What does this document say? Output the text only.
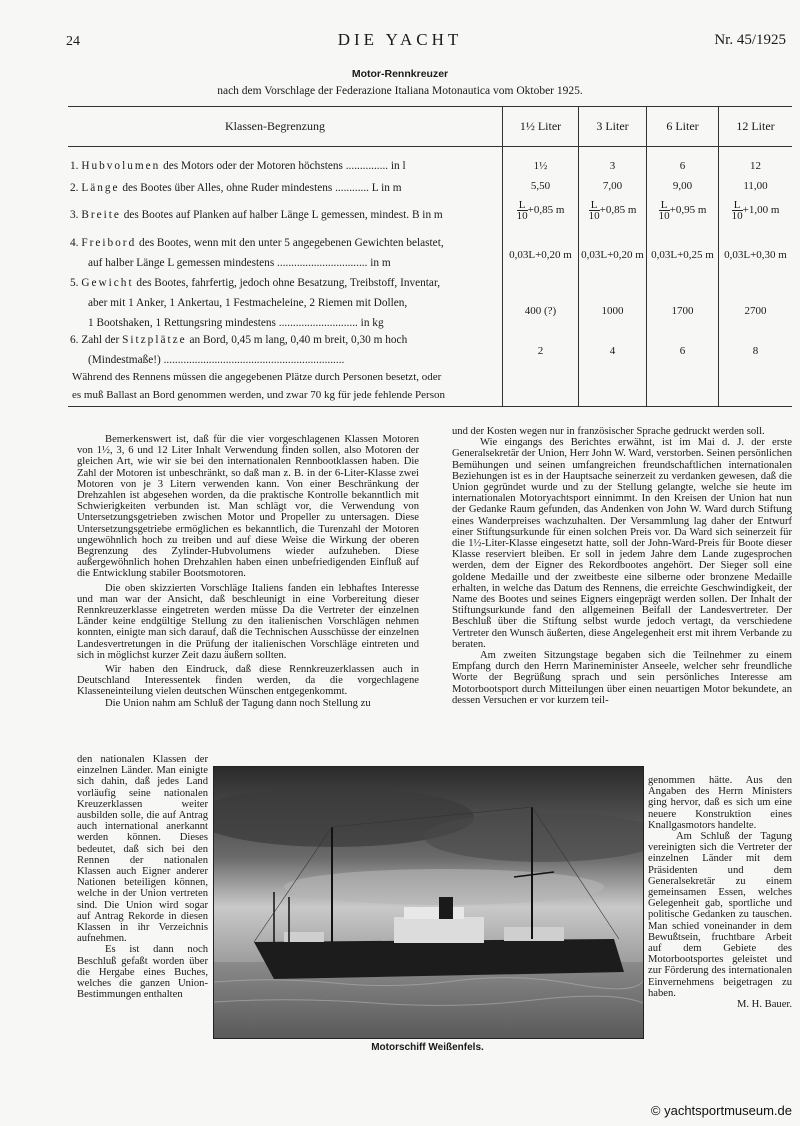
24	DIE YACHT	Nr. 45/1925
Motor-Rennkreuzer
nach dem Vorschlage der Federazione Italiana Motonautica vom Oktober 1925.
Klassen-Begrenzung	1½ Liter	3 Liter	6 Liter	12 Liter
1. Hubvolumen des Motors oder der Motoren höchstens ............... in l	1½	3	6	12
2. Länge des Bootes über Alles, ohne Ruder mindestens ............ L in m	5,50	7,00	9,00	11,00
3. Breite des Bootes auf Planken auf halber Länge L gemessen, mindest. B in m	$\frac{L}{10} +0,85$ m	$\frac{L}{10} +0,85$ m	$\frac{L}{10} +0,95$ m	$\frac{L}{10} +1,00$ m
4. Freibord des Bootes, wenn mit den unter 5 angegebenen Gewichten belastet,
auf halber Länge L gemessen mindestens ................................ in m
0,03L+0,20 m 0,03L+0,20 m 0,03L+0,25 m 0,03L+0,30 m
5. Gewicht des Bootes, fahrfertig, jedoch ohne Besatzung, Treibstoff, Inventar,
aber mit 1 Anker, 1 Ankertau, 1 Festmacheleine, 2 Riemen mit Dollen,
1 Bootshaken, 1 Rettungsring mindestens ............................ in kg
400 (?)	1000	1700	2700
6. Zahl der Sitzplätze an Bord, 0,45 m lang, 0,40 m breit, 0,30 m hoch
(Mindestmaße!) ................................................................
2	4	6	8
Während des Rennens müssen die angegebenen Plätze durch Personen besetzt, oder
es muß Ballast an Bord genommen werden, und zwar 70 kg für jede fehlende Person

Bemerkenswert ist, daß für die vier vorgeschlagenen Klassen Motoren von 1½, 3, 6 und 12 Liter Inhalt Verwendung finden sollen, also Motoren der gleichen Art, wie wir sie bei den internationalen Rennbootklassen haben. Die Zahl der Motoren ist unbeschränkt, so daß man z. B. in der 6-Liter-Klasse zwei Motoren von je 3 Litern verwenden kann. Von einer Beschränkung der Drehzahlen ist abgesehen worden, da die praktische Kontrolle bekanntlich mit Schwierigkeiten verbunden ist. Man schlägt vor, die Verwendung von Untersetzungsgetrieben zwischen Motor und Propeller zu untersagen. Diese Untersetzungsgetriebe ermöglichen es bekanntlich, die Turenzahl der Motoren ungewöhnlich hoch zu treiben und auf diese Weise die Wirkung der oberen Begrenzung des Zylinder-Hubvolumens wieder aufzuheben. Diese außergewöhnlich hohen Drehzahlen haben einen unbefriedigenden Einfluß auf die Entwicklung stabiler Bootsmotoren.

Die oben skizzierten Vorschläge Italiens fanden ein lebhaftes Interesse und man war der Ansicht, daß beschleunigt in eine Vorbereitung dieser Rennkreuzerklasse eingetreten werden müsse Da die Vertreter der einzelnen Länder keine endgültige Stellung zu den italienischen Vorschlägen nehmen konnten, einigte man sich darauf, daß die Technischen Ausschüsse der einzelnen Landesvertretungen in die Prüfung der italienischen Vorschläge eintreten und sich in möglichst kurzer Zeit dazu äußern sollten.

Wir haben den Eindruck, daß diese Rennkreuzerklassen auch in Deutschland Interessentek finden werden, da die vorgechlagene Klasseneinteilung vielen deutschen Wünschen entgegenkommt.

Die Union nahm am Schluß der Tagung dann noch Stellung zu

den nationalen Klassen der einzelnen Länder. Man einigte sich dahin, daß jedes Land vorläufig seine nationalen Kreuzerklassen weiter ausbilden solle, die auf Antrag auch international anerkannt werden können. Dieses bedeutet, daß sich bei den Rennen der nationalen Klassen auch Eigner anderer Nationen beteiligen können, welche in der Union vertreten sind. Die Union wird sogar auf Antrag Rekorde in diesen Klassen in ihr Verzeichnis aufnehmen.

Es ist dann noch Beschluß gefaßt worden über die Hergabe eines Buches, welches die ganzen Union-Bestimmungen enthalten

und der Kosten wegen nur in französischer Sprache gedruckt werden soll.

Wie eingangs des Berichtes erwähnt, ist im Mai d. J. der erste Generalsekretär der Union, Herr John W. Ward, verstorben. Seinen persönlichen Bemühungen und seinen umfangreichen freundschaftlichen internationalen Beziehungen ist es in der Hauptsache seinerzeit zu verdanken gewesen, daß die Union gegründet wurde und zu der Stellung gelangte, welche sie heute im internationalen Motoryachtsport einnimmt. In den Kreisen der Union hat nun der Gedanke Raum gefunden, das Andenken von John W. Ward durch Stiftung eines Wanderpreises wachzuhalten. Der Versammlung lag daher der Entwurf einer Stiftungsurkunde für einen solchen Preis vor. Da Ward sich seinerzeit für die 1½-Liter-Klasse eingesetzt hatte, soll der John-Ward-Preis für Boote dieser Klasse reserviert bleiben. Er soll in jedem Jahre dem Lande zugesprochen werden, dem der Eigner des Rekordbootes angehört. Der Sieger soll eine goldene Medaille und der zweitbeste eine silberne oder bronzene Medaille erhalten, in welche das Datum des Rennens, die erreichte Geschwindigkeit, der Name des Bootes und seines Eigners eingeprägt werden sollen. Der Inhalt der Stiftungsurkunde fand den allgemeinen Beifall der Landesvertreter. Der Beschluß über die Stiftung selbst wurde jedoch vertagt, da verschiedene Vertreter den Wunsch äußerten, diese Angelegenheit erst mit ihrem Verbande zu beraten.

Am zweiten Sitzungstage begaben sich die Teilnehmer zu einem Empfang durch den Herrn Marineminister Anseele, welcher sehr freundliche Worte der Begrüßung sprach und sein persönliches Interesse am Motorbootsport durch Mitteilungen über einen neuartigen Motor bekundete, an dessen Versuchen er vor kurzem teil-

genommen hätte. Aus den Angaben des Herrn Ministers ging hervor, daß es sich um eine neuere Konstruktion eines Knallgasmotors handelte.

Am Schluß der Tagung vereinigten sich die Vertreter der einzelnen Länder mit dem Präsidenten und dem Generalsekretär zu einem gemeinsamen Essen, welches Gelegenheit gab, sportliche und politische Gedanken zu tauschen. Man schied voneinander in dem Bewußtsein, fruchtbare Arbeit auf dem Gebiete des Motorbootsportes geleistet und zur Förderung des internationalen Einvernehmens beigetragen zu haben.

M. H. Bauer.

Motorschiff Weißenfels.
© yachtsportmuseum.de
